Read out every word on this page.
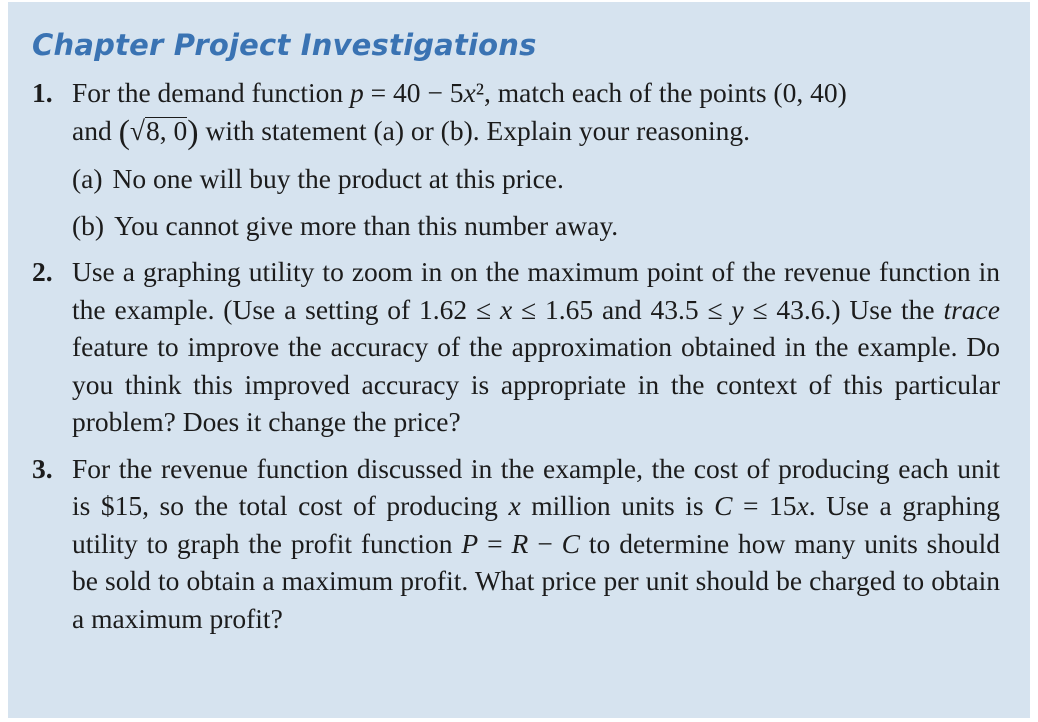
Chapter Project Investigations
1. For the demand function p = 40 − 5x², match each of the points (0, 40)
and (√8, 0) with statement (a) or (b). Explain your reasoning.
(a) No one will buy the product at this price.
(b) You cannot give more than this number away.
2. Use a graphing utility to zoom in on the maximum point of the revenue function in the example. (Use a setting of 1.62 ≤ x ≤ 1.65 and 43.5 ≤ y ≤ 43.6.) Use the trace feature to improve the accuracy of the approximation obtained in the example. Do you think this improved accuracy is appropriate in the context of this particular problem? Does it change the price?
3. For the revenue function discussed in the example, the cost of producing each unit is $15, so the total cost of producing x million units is C = 15x. Use a graphing utility to graph the profit function P = R − C to determine how many units should be sold to obtain a maximum profit. What price per unit should be charged to obtain a maximum profit?
